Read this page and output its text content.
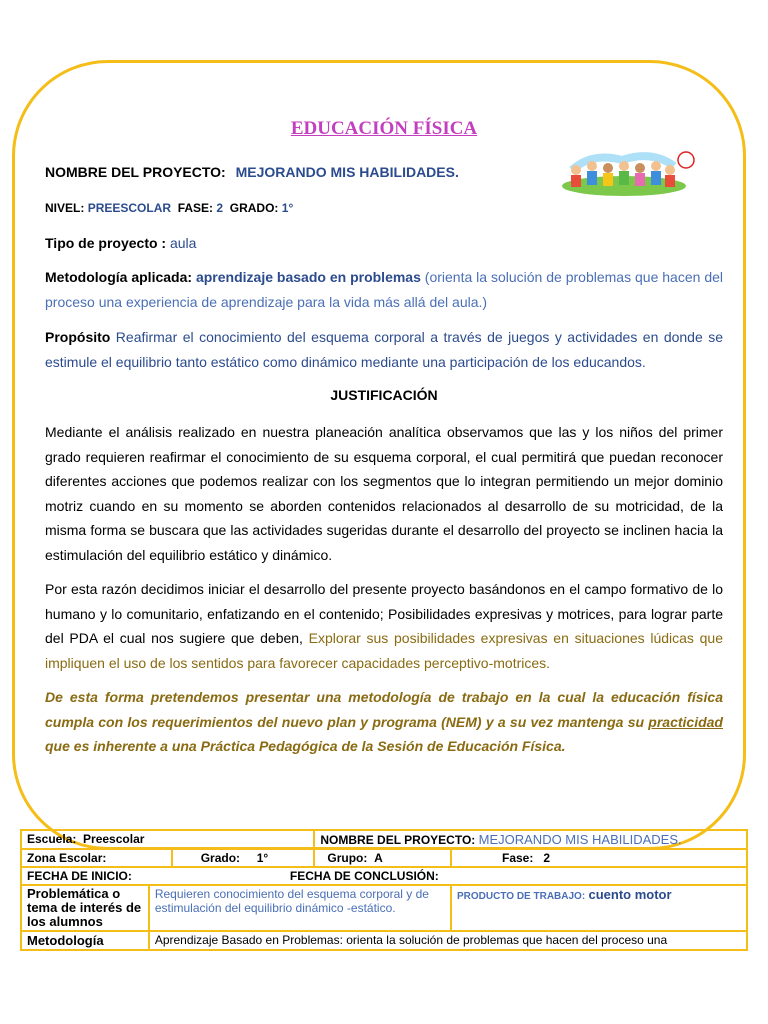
EDUCACIÓN FÍSICA
NOMBRE DEL PROYECTO: MEJORANDO MIS HABILIDADES.
NIVEL: PREESCOLAR FASE: 2 GRADO: 1°
Tipo de proyecto : aula
Metodología aplicada: aprendizaje basado en problemas (orienta la solución de problemas que hacen del proceso una experiencia de aprendizaje para la vida más allá del aula.)
Propósito Reafirmar el conocimiento del esquema corporal a través de juegos y actividades en donde se estimule el equilibrio tanto estático como dinámico mediante una participación de los educandos.
JUSTIFICACIÓN
Mediante el análisis realizado en nuestra planeación analítica observamos que las y los niños del primer grado requieren reafirmar el conocimiento de su esquema corporal, el cual permitirá que puedan reconocer diferentes acciones que podemos realizar con los segmentos que lo integran permitiendo un mejor dominio motriz cuando en su momento se aborden contenidos relacionados al desarrollo de su motricidad, de la misma forma se buscara que las actividades sugeridas durante el desarrollo del proyecto se inclinen hacia la estimulación del equilibrio estático y dinámico.
Por esta razón decidimos iniciar el desarrollo del presente proyecto basándonos en el campo formativo de lo humano y lo comunitario, enfatizando en el contenido; Posibilidades expresivas y motrices, para lograr parte del PDA el cual nos sugiere que deben, Explorar sus posibilidades expresivas en situaciones lúdicas que impliquen el uso de los sentidos para favorecer capacidades perceptivo-motrices.
De esta forma pretendemos presentar una metodología de trabajo en la cual la educación física cumpla con los requerimientos del nuevo plan y programa (NEM) y a su vez mantenga su practicidad que es inherente a una Práctica Pedagógica de la Sesión de Educación Física.
Escuela: Preescolar			NOMBRE DEL PROYECTO: MEJORANDO MIS HABILIDADES.	
Zona Escolar:		Grado: 1°	Grupo: A	Fase: 2
FECHA DE INICIO: FECHA DE CONCLUSIÓN:				
Problemática o tema de interés de los alumnos	Requieren conocimiento del esquema corporal y de estimulación del equilibrio dinámico -estático.			PRODUCTO DE TRABAJO: cuento motor
Metodología	Aprendizaje Basado en Problemas: orienta la solución de problemas que hacen del proceso una			
